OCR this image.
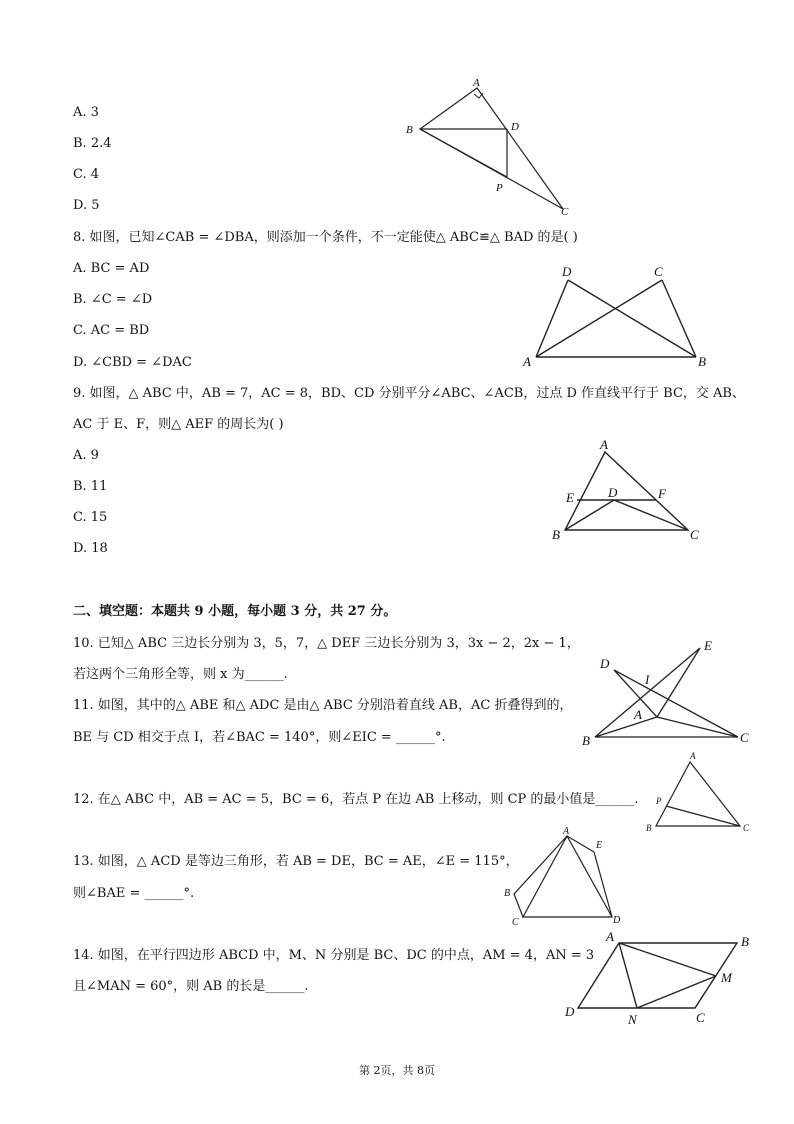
A. 3
B. 2.4
C. 4
D. 5
8. 如图，已知∠CAB = ∠DBA，则添加一个条件，不一定能使△ ABC≌△ BAD 的是( )
A. BC = AD
B. ∠C = ∠D
C. AC = BD
D. ∠CBD = ∠DAC
9. 如图，△ ABC 中，AB = 7，AC = 8，BD、CD 分别平分∠ABC、∠ACB，过点 D 作直线平行于 BC，交 AB、
AC 于 E、F，则△ AEF 的周长为( )
A. 9
B. 11
C. 15
D. 18
二、填空题：本题共 9 小题，每小题 3 分，共 27 分。
10. 已知△ ABC 三边长分别为 3，5，7，△ DEF 三边长分别为 3，3x − 2，2x − 1，
若这两个三角形全等，则 x 为______.
11. 如图，其中的△ ABE 和△ ADC 是由△ ABC 分别沿着直线 AB，AC 折叠得到的，
BE 与 CD 相交于点 I，若∠BAC = 140°，则∠EIC = ______°.
12. 在△ ABC 中，AB = AC = 5，BC = 6，若点 P 在边 AB 上移动，则 CP 的最小值是______.
13. 如图，△ ACD 是等边三角形，若 AB = DE，BC = AE，∠E = 115°，
则∠BAE = ______°.
14. 如图，在平行四边形 ABCD 中，M、N 分别是 BC、DC 的中点，AM = 4，AN = 3
且∠MAN = 60°，则 AB 的长是______.
A
B	D
P
C
D	C
A	B
A
E	D	F
B	C
D
E
I
A
B	C
A
P
B	C
A
E
B
C	D
A	B
M
D
N	C
第 2页，共 8页
